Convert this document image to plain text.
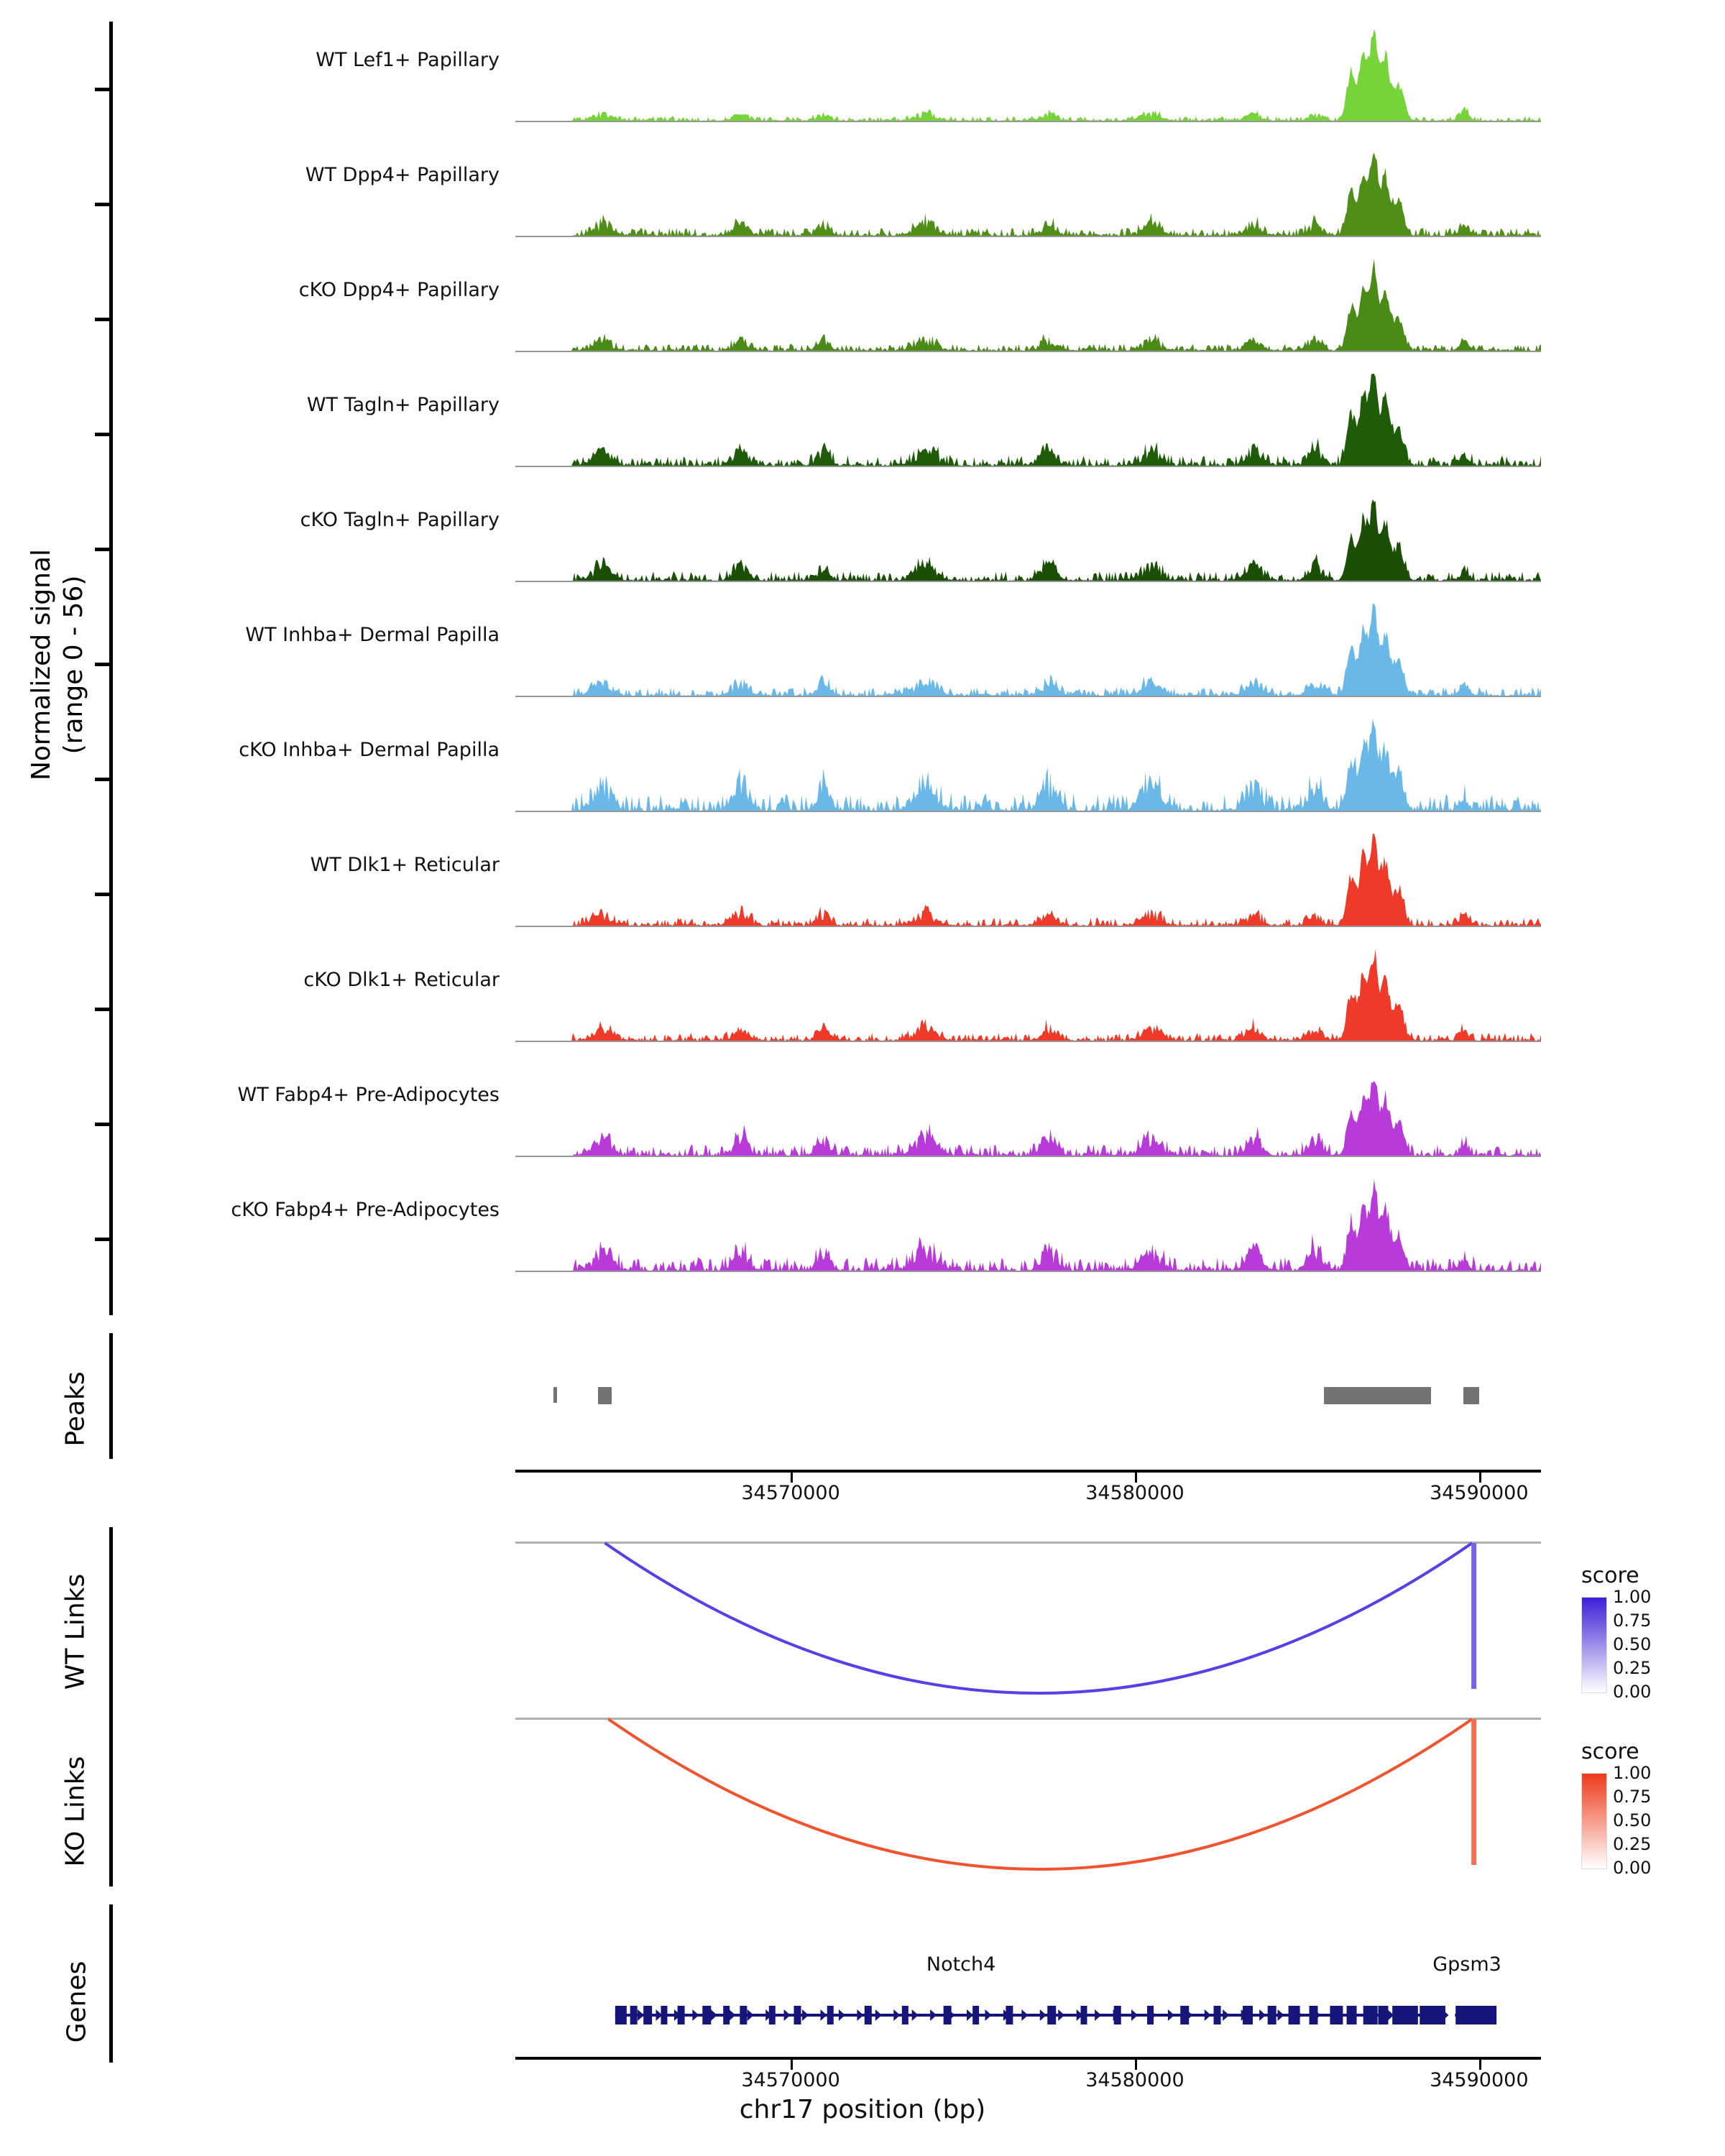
Normalized signal (range 0 - 56)
WT Lef1+ Papillary
WT Dpp4+ Papillary
cKO Dpp4+ Papillary
WT Tagln+ Papillary
cKO Tagln+ Papillary
WT Inhba+ Dermal Papilla
cKO Inhba+ Dermal Papilla
WT Dlk1+ Reticular
cKO Dlk1+ Reticular
WT Fabp4+ Pre-Adipocytes
cKO Fabp4+ Pre-Adipocytes
Peaks
34570000	34580000	34590000
WT Links	score
1.00
0.75
0.50
0.25
0.00
KO Links
score
1.00
0.75
0.50
0.25
0.00
Genes	Notch4	Gpsm3
34570000	34580000	34590000
chr17 position (bp)
